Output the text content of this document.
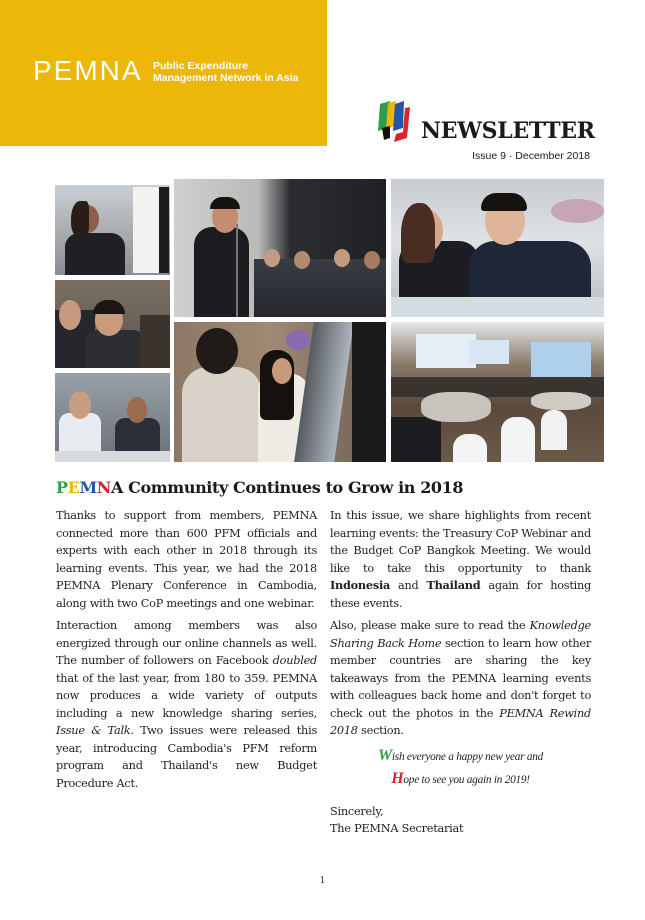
PEMNA Public Expenditure
Management Network in Asia
NEWSLETTER
Issue 9 · December 2018
PEMNA Community Continues to Grow in 2018

Thanks to support from members, PEMNA connected more than 600 PFM officials and experts with each other in 2018 through its learning events. This year, we had the 2018 PEMNA Plenary Conference in Cambodia, along with two CoP meetings and one webinar.

Interaction among members was also energized through our online channels as well. The number of followers on Facebook doubled that of the last year, from 180 to 359. PEMNA now produces a wide variety of outputs including a new knowledge sharing series, Issue & Talk. Two issues were released this year, introducing Cambodia's PFM reform program and Thailand's new Budget Procedure Act.

In this issue, we share highlights from recent learning events: the Treasury CoP Webinar and the Budget CoP Bangkok Meeting. We would like to take this opportunity to thank Indonesia and Thailand again for hosting these events.

Also, please make sure to read the Knowledge Sharing Back Home section to learn how other member countries are sharing the key takeaways from the PEMNA learning events with colleagues back home and don't forget to check out the photos in the PEMNA Rewind 2018 section.

Wish everyone a happy new year and
Hope to see you again in 2019!
Sincerely,
The PEMNA Secretariat
1
